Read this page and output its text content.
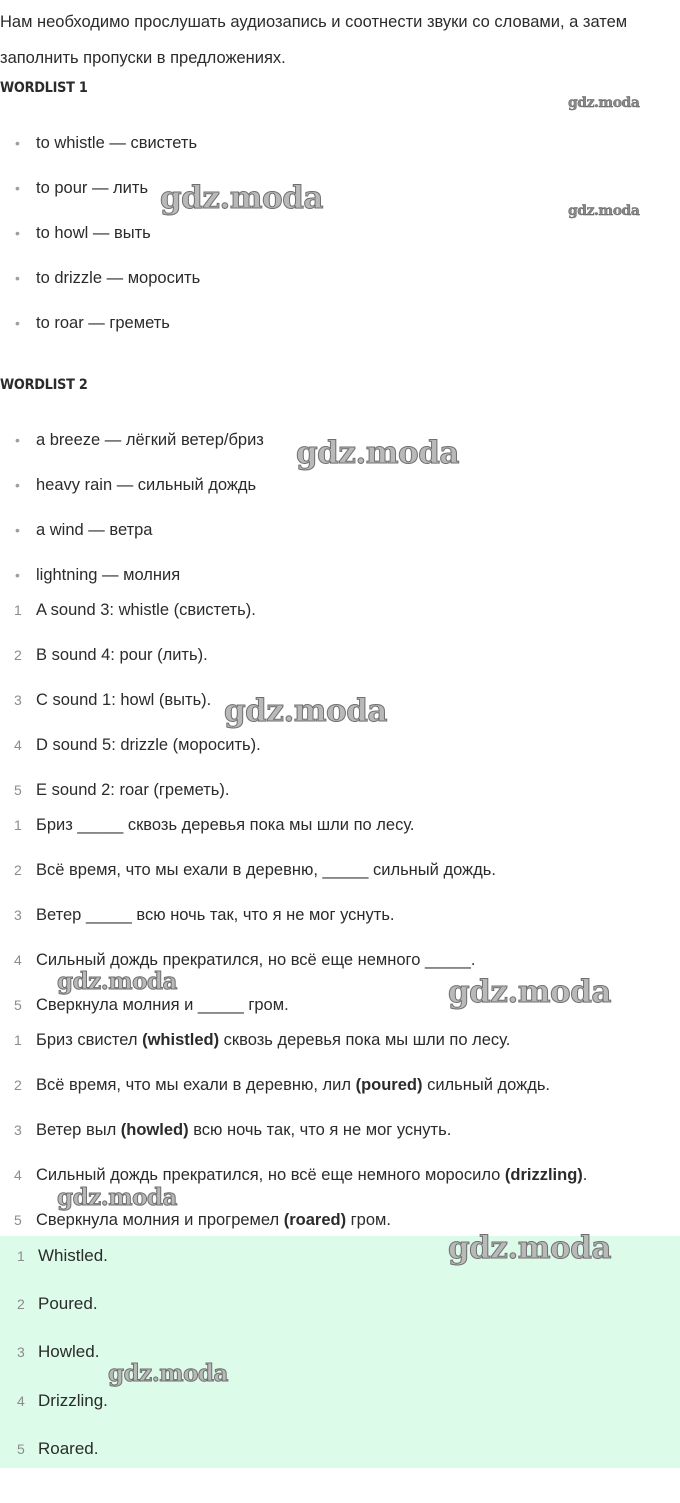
Нам необходимо прослушать аудиозапись и соотнести звуки со словами, а затем заполнить пропуски в предложениях.

WORDLIST 1
• to whistle — свистеть
• to pour — лить
• to howl — выть
• to drizzle — моросить
• to roar — греметь
WORDLIST 2
• a breeze — лёгкий ветер/бриз
• heavy rain — сильный дождь
• a wind — ветра
• lightning — молния
1 A sound 3: whistle (свистеть).
2 B sound 4: pour (лить).
3 C sound 1: howl (выть).
4 D sound 5: drizzle (моросить).
5 E sound 2: roar (греметь).
1 Бриз _____ сквозь деревья пока мы шли по лесу.
2 Всё время, что мы ехали в деревню, _____ сильный дождь.
3 Ветер _____ всю ночь так, что я не мог уснуть.
4 Сильный дождь прекратился, но всё еще немного _____.
5 Сверкнула молния и _____ гром.
1 Бриз свистел (whistled) сквозь деревья пока мы шли по лесу.
2 Всё время, что мы ехали в деревню, лил (poured) сильный дождь.
3 Ветер выл (howled) всю ночь так, что я не мог уснуть.
4 Сильный дождь прекратился, но всё еще немного моросило (drizzling).
5 Сверкнула молния и прогремел (roared) гром.
1 Whistled.
2 Poured.
3 Howled.
4 Drizzling.
5 Roared.
gdz.moda
gdz.moda	gdz.moda
gdz.moda
gdz.moda
gdz.moda	gdz.moda
gdz.moda
gdz.moda
gdz.moda
